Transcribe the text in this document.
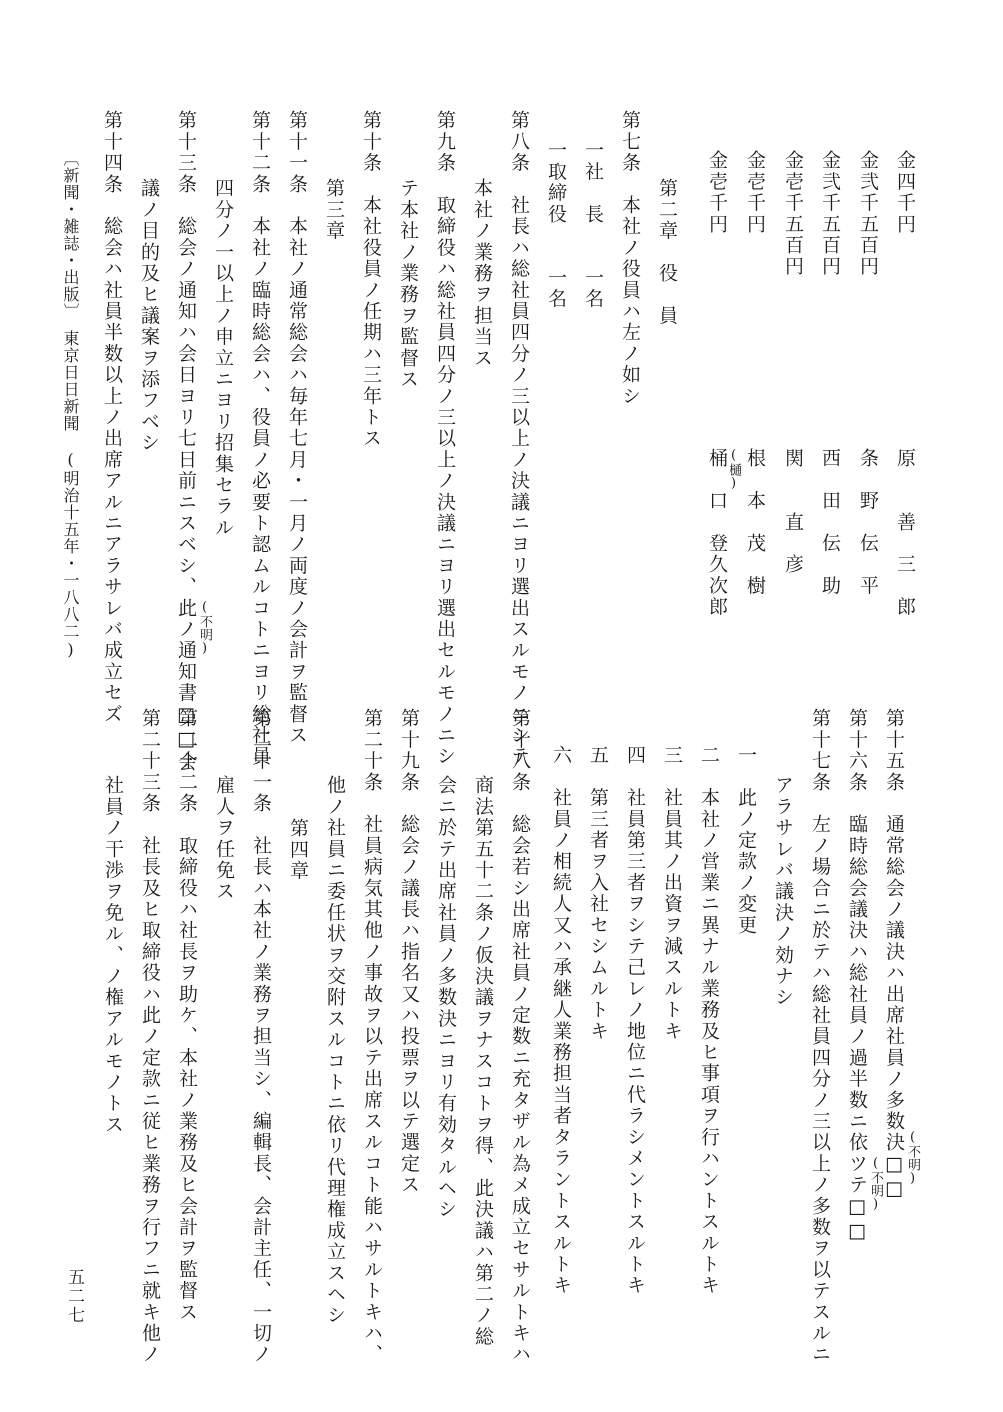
金四千円
金弐千五百円
金弐千五百円
金壱千五百円
金壱千円
金壱千円
原　　善　三　郎
条　野　伝　平
西　田　伝　助
関　　直　彦
根　本　茂　樹
(樋)
桶　口　登久次郎
第二章　役　員
第七条　本社ノ役員ハ左ノ如シ
一社　長　　一名
一取締役　　一名
第八条　社長ハ総社員四分ノ三以上ノ決議ニヨリ選出スルモノニシテ
本社ノ業務ヲ担当ス
第九条　取締役ハ総社員四分ノ三以上ノ決議ニヨリ選出セルモノニシ
テ本社ノ業務ヲ監督ス
第十条　本社役員ノ任期ハ三年トス
第三章
第十一条　本社ノ通常総会ハ毎年七月・一月ノ両度ノ会計ヲ監督ス
第十二条　本社ノ臨時総会ハ、役員ノ必要ト認ムルコトニヨリ総社員
四分ノ一以上ノ申立ニヨリ招集セラル
第十三条　総会ノ通知ハ会日ヨリ七日前ニスベシ、此ノ通知書□□会 (不明)
議ノ目的及ヒ議案ヲ添フベシ
第十四条　総会ハ社員半数以上ノ出席アルニアラサレバ成立セズ
〔新聞・雑誌・出版〕
東京日日新聞
(明治十五年・一八八二)
第十五条　通常総会ノ議決ハ出席社員ノ多数決□□ (不明)
第十六条　臨時総会議決ハ総社員ノ過半数ニ依ツテ□□ (不明)
第十七条　左ノ場合ニ於テハ総社員四分ノ三以上ノ多数ヲ以テスルニ
アラサレバ議決ノ効ナシ
一　此ノ定款ノ変更
二　本社ノ営業ニ異ナル業務及ヒ事項ヲ行ハントスルトキ
三　社員其ノ出資ヲ減スルトキ
四　社員第三者ヲシテ己レノ地位ニ代ラシメントスルトキ
五　第三者ヲ入社セシムルトキ
六　社員ノ相続人又ハ承継人業務担当者タラントスルトキ
第十八条　総会若シ出席社員ノ定数ニ充タザル為メ成立セサルトキハ
商法第五十二条ノ仮決議ヲナスコトヲ得、此決議ハ第二ノ総
会ニ於テ出席社員ノ多数決ニヨリ有効タルヘシ
第十九条　総会ノ議長ハ指名又ハ投票ヲ以テ選定ス
第二十条　社員病気其他ノ事故ヲ以テ出席スルコト能ハサルトキハ、
他ノ社員ニ委任状ヲ交附スルコトニ依リ代理権成立スヘシ
第四章
第二十一条　社長ハ本社ノ業務ヲ担当シ、編輯長、会計主任、一切ノ
雇人ヲ任免ス
第二十二条　取締役ハ社長ヲ助ケ、本社ノ業務及ヒ会計ヲ監督ス
第二十三条　社長及ヒ取締役ハ此ノ定款ニ従ヒ業務ヲ行フニ就キ他ノ
社員ノ干渉ヲ免ル、ノ権アルモノトス
五二七
